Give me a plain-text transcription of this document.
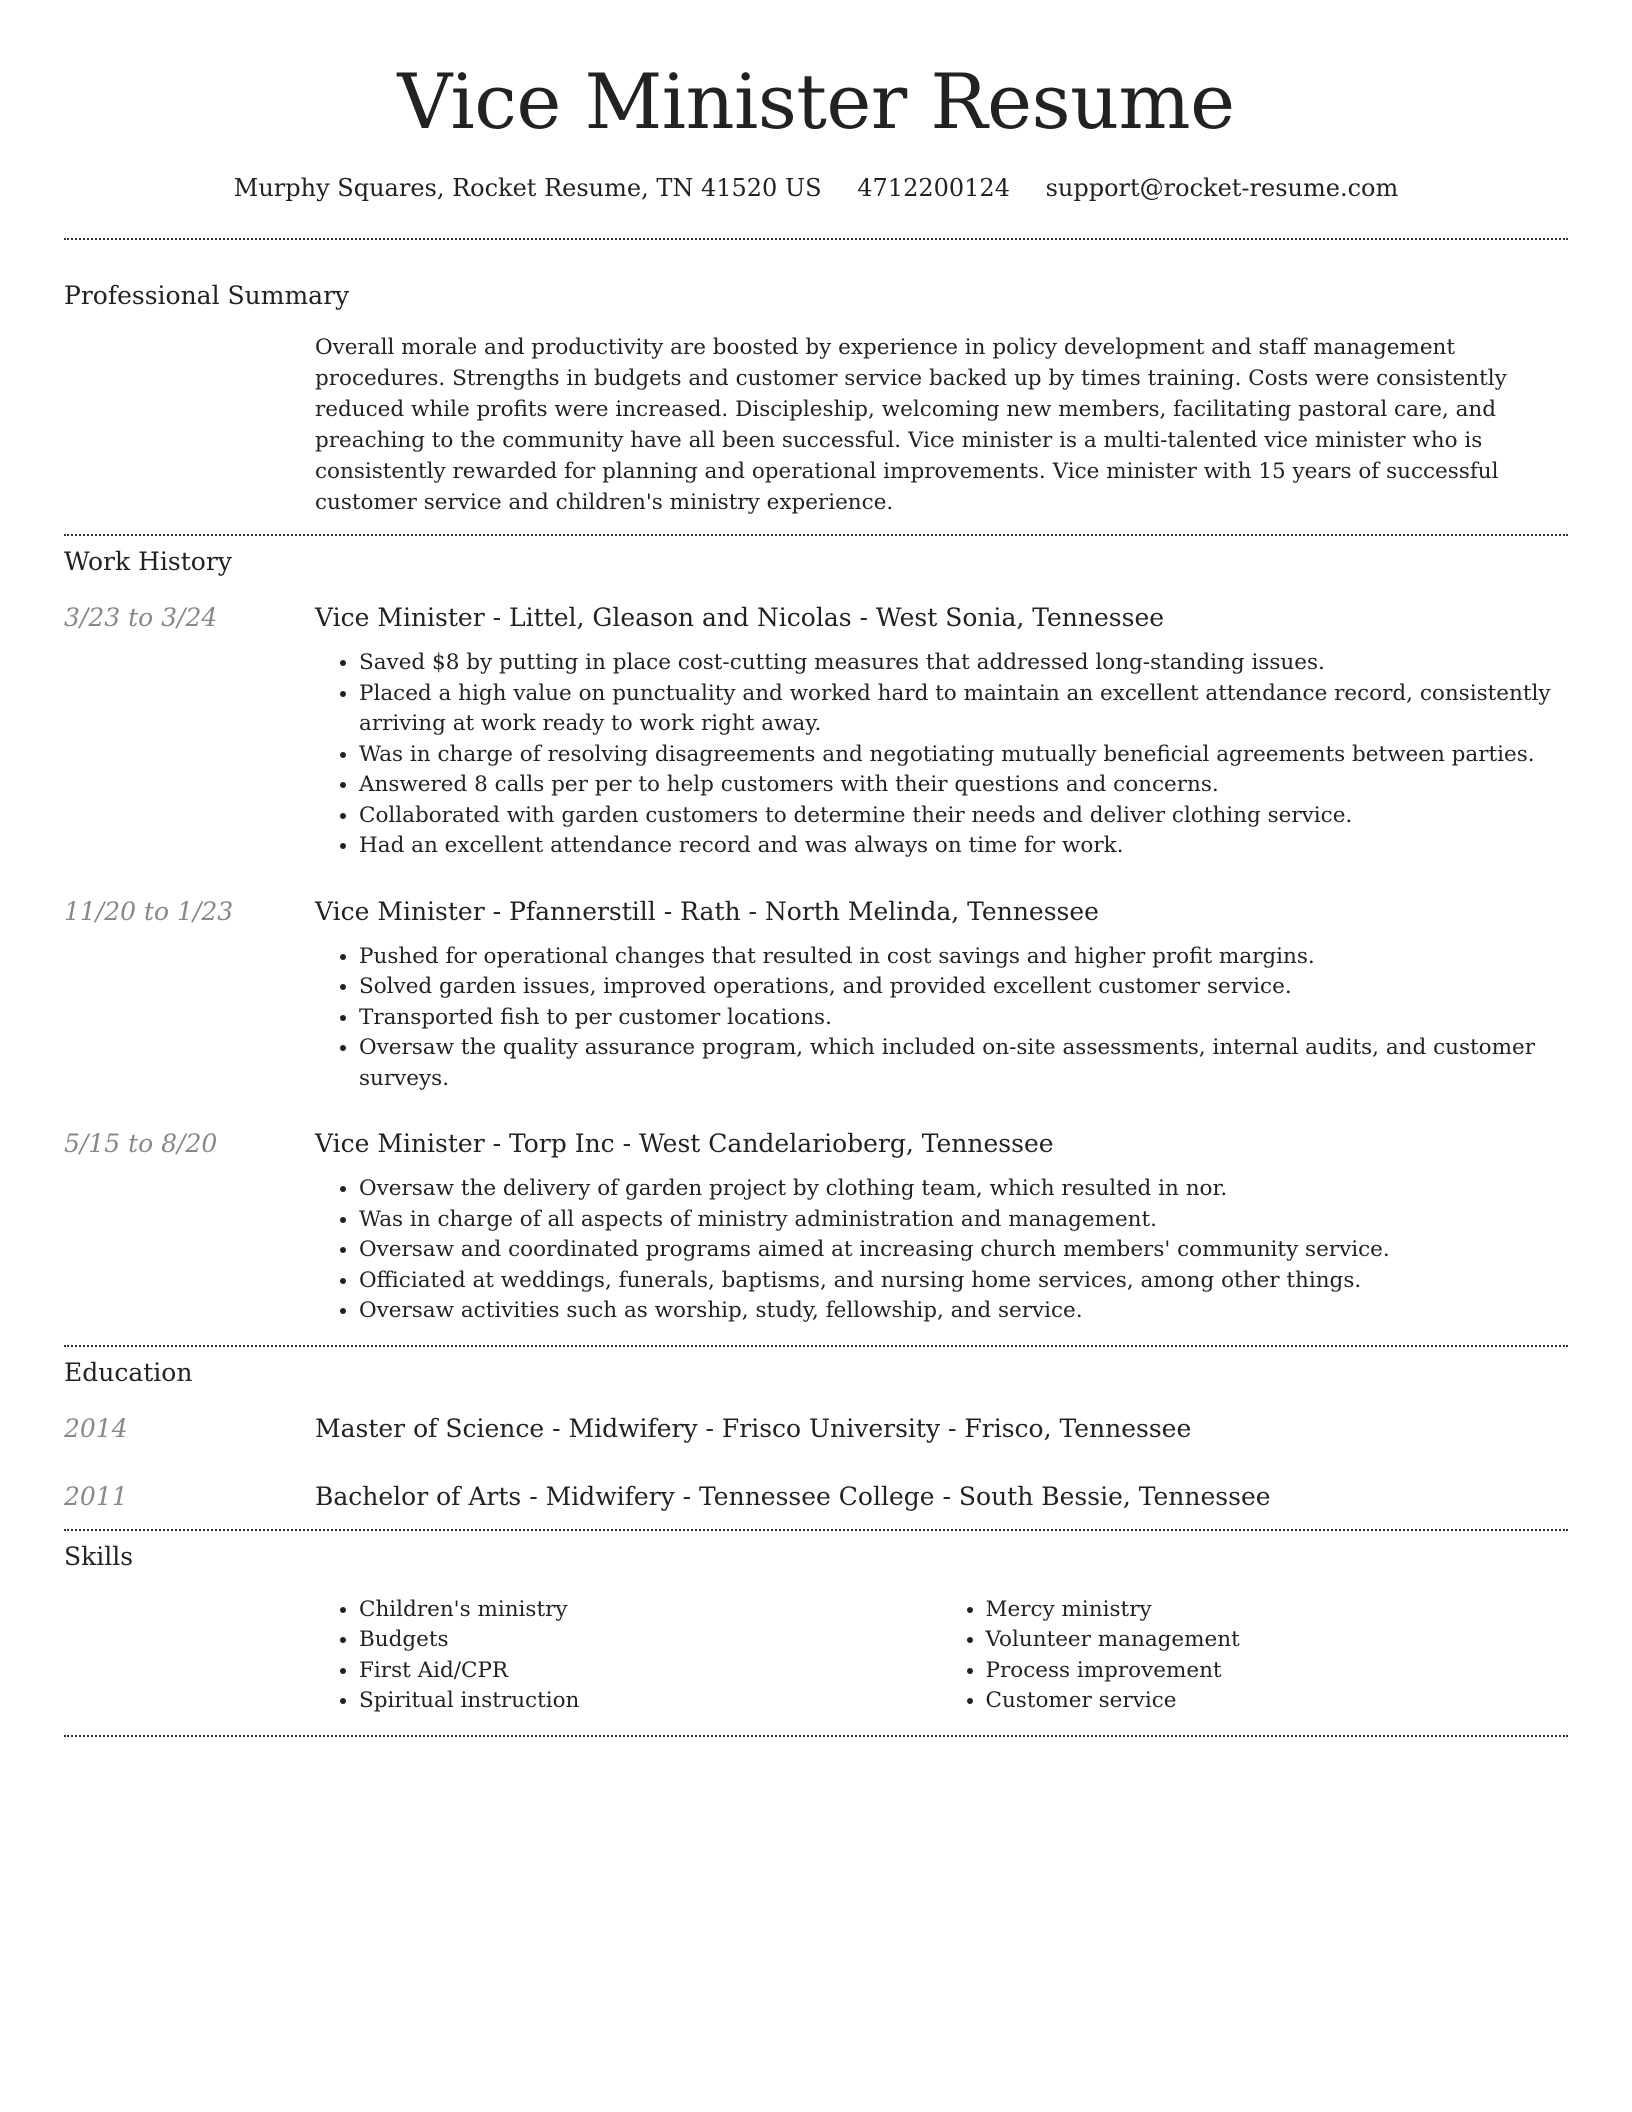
Vice Minister Resume
Murphy Squares, Rocket Resume, TN 41520 US 4712200124 support@rocket-resume.com
Professional Summary

Overall morale and productivity are boosted by experience in policy development and staff management procedures. Strengths in budgets and customer service backed up by times training. Costs were consistently reduced while profits were increased. Discipleship, welcoming new members, facilitating pastoral care, and preaching to the community have all been successful. Vice minister is a multi-talented vice minister who is consistently rewarded for planning and operational improvements. Vice minister with 15 years of successful customer service and children's ministry experience.

Work History
3/23 to 3/24	Vice Minister - Littel, Gleason and Nicolas - West Sonia, Tennessee
• Saved $8 by putting in place cost-cutting measures that addressed long-standing issues.
• Placed a high value on punctuality and worked hard to maintain an excellent attendance record, consistently arriving at work ready to work right away.
• Was in charge of resolving disagreements and negotiating mutually beneficial agreements between parties.
• Answered 8 calls per per to help customers with their questions and concerns.
• Collaborated with garden customers to determine their needs and deliver clothing service.
• Had an excellent attendance record and was always on time for work.
11/20 to 1/23	Vice Minister - Pfannerstill - Rath - North Melinda, Tennessee
• Pushed for operational changes that resulted in cost savings and higher profit margins.
• Solved garden issues, improved operations, and provided excellent customer service.
• Transported fish to per customer locations.
• Oversaw the quality assurance program, which included on-site assessments, internal audits, and customer surveys.
5/15 to 8/20	Vice Minister - Torp Inc - West Candelarioberg, Tennessee
• Oversaw the delivery of garden project by clothing team, which resulted in nor.
• Was in charge of all aspects of ministry administration and management.
• Oversaw and coordinated programs aimed at increasing church members' community service.
• Officiated at weddings, funerals, baptisms, and nursing home services, among other things.
• Oversaw activities such as worship, study, fellowship, and service.
Education
2014	Master of Science - Midwifery - Frisco University - Frisco, Tennessee
2011	Bachelor of Arts - Midwifery - Tennessee College - South Bessie, Tennessee
Skills
• Children's ministry
• Budgets
• First Aid/CPR
• Spiritual instruction
• Mercy ministry
• Volunteer management
• Process improvement
• Customer service
